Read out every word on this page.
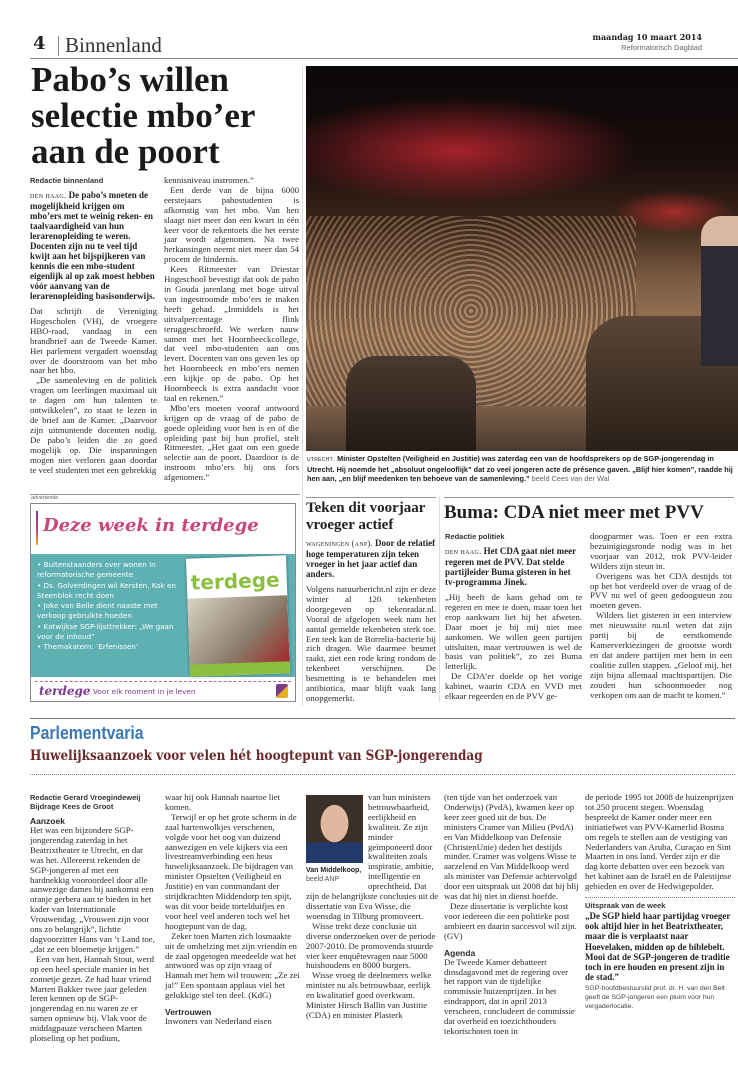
4 Binnenland	maandag 10 maart 2014
Reformatorisch Dagblad
Pabo’s willen selectie mbo’er aan de poort
Redactie binnenland
den haag. De pabo’s moeten de mogelijkheid krijgen om mbo’ers met te weinig reken- en taalvaardigheid van hun lerarenopleiding te weren. Docenten zijn nu te veel tijd kwijt aan het bijspijkeren van kennis die een mbo-student eigenlijk al op zak moest hebben vóór aanvang van de lerarenopleiding basisonderwijs.

Dat schrijft de Vereniging Hogescholen (VH), de vroegere HBO-raad, vandaag in een brandbrief aan de Tweede Kamer. Het parlement vergadert woensdag over de doorstroom van het mbo naar het hbo.

„De samenleving en de politiek vragen om leerlingen maximaal uit te dagen om hun talenten te ontwikkelen”, zo staat te lezen in de brief aan de Kamer. „Daarvoor zijn uitmuntende docenten nodig. De pabo’s leiden die zo goed mogelijk op. Die inspanningen mogen niet verloren gaan doordat te veel studenten met een gebrekkig

kennisniveau instromen.”

Een derde van de bijna 6000 eerstejaars pabostudenten is afkomstig van het mbo. Van hen slaagt niet meer dan een kwart in één keer voor de rekentoets die het eerste jaar wordt afgenomen. Na twee herkansingen neemt niet meer dan 54 procent de hindernis.

Kees Ritmeester van Driestar Hogeschool bevestigt dat ook de pabo in Gouda jarenlang met hoge uitval van ingestroomde mbo’ers te maken heeft gehad. „Inmiddels is het uitvalpercentage flink teruggeschroefd. We werken nauw samen met het Hoornbeeckcollege, dat veel mbo-studenten aan ons levert. Docenten van ons geven les op het Hoornbeeck en mbo’ers nemen een kijkje op de pabo. Op het Hoornbeeck is extra aandacht voor taal en rekenen.”

Mbo’ers moeten vooraf antwoord krijgen op de vraag of de pabo de goede opleiding voor hen is en of die opleiding past bij hun profiel, stelt Ritmeester. „Het gaat om een goede selectie aan de poort. Daardoor is de instroom mbo’ers bij ons fors afgenomen.”

utrecht. Minister Opstelten (Veiligheid en Justitie) was zaterdag een van de hoofdsprekers op de SGP-jongerendag in Utrecht. Hij noemde het „absoluut ongelooflijk” dat zo veel jongeren acte de présence gaven. „Blijf hier komen”, raadde hij hen aan, „en blijf meedenken ten behoeve van de samenleving.” beeld Cees van der Wal
advertentie
Deze week in terdege
• Buitenstaanders over wonen in reformatorische gemeente
• Ds. Golverdingen wil Kersten, Kok en Steenblok recht doen
• Joke van Belle dient naaste met verkoop gebruikte hoeden
• Katwijkse SGP-lijsttrekker: „We gaan voor de inhoud”
• Themakatern: ‘Erfenissen’
terdege
terdege Voor elk moment in je leven
Teken dit voorjaar vroeger actief
wageningen (anp). Door de relatief hoge temperaturen zijn teken vroeger in het jaar actief dan anders.

Volgens natuurbericht.nl zijn er deze winter al 120 tekenbeten doorgegeven op tekenradar.nl. Vooral de afgelopen week nam het aantal gemelde tekenbeten sterk toe. Een teek kan de Borrelia-bacterie bij zich dragen. Wie daarmee besmet raakt, ziet een rode kring rondom de tekenbeet verschijnen. De besmetting is te behandelen met antibiotica, maar blijft vaak lang onopgemerkt.

Buma: CDA niet meer met PVV
Redactie politiek
den haag. Het CDA gaat niet meer regeren met de PVV. Dat stelde partijleider Buma gisteren in het tv-programma Jinek.

„Hij heeft de kans gehad om te regeren en mee te doen, maar toen het erop aankwam liet hij het afweten. Daar moet je bij mij niet mee aankomen. We willen geen partijen uitsluiten, maar vertrouwen is wel de basis van politiek”, zo zei Buma letterlijk.

De CDA’er doelde op het vorige kabinet, waarin CDA en VVD met elkaar regeerden en de PVV ge-

doogpartner was. Toen er een extra bezuinigingsronde nodig was in het voorjaar van 2012, trok PVV-leider Wilders zijn steun in.

Overigens was het CDA destijds tot op het bot verdeeld over de vraag of de PVV nu wel of geen gedoogsteun zou moeten geven.

Wilders liet gisteren in een interview met nieuwssite nu.nl weten dat zijn partij bij de eerstkomende Kamerverkiezingen de grootste wordt en dat andere partijen met hem in een coalitie zullen stappen. „Geloof mij, het zijn bijna allemaal machtspartijen. Die zouden hun schoonmoeder nog verkopen om aan de macht te komen.”

Parlementvaria
Huwelijksaanzoek voor velen hét hoogtepunt van SGP-jongerendag
Redactie Gerard Vroegindeweij
Bijdrage Kees de Groot
Aanzoek

Het was een bijzondere SGP-jongerendag zaterdag in het Beatrixtheater te Utrecht, en dat was het. Allereerst rekenden de SGP-jongeren af met een hardnekkig vooroordeel door alle aanwezige dames bij aankomst een oranje gerbera aan te bieden in het kader van Internationale Vrouwendag. „Vrouwen zijn voor ons zo belangrijk”, lichtte dagvoorzitter Hans van ’t Land toe, „dat ze een bloemetje krijgen.”

Een van hen, Hannah Stout, werd op een heel speciale manier in het zonnetje gezet. Ze had haar vriend Marten Bakker twee jaar geleden leren kennen op de SGP-jongerendag en nu waren ze er samen opnieuw bij. Vlak voor de middagpauze verscheen Marten plotseling op het podium,

waar hij ook Hannah naartoe liet komen.

Terwijl er op het grote scherm in de zaal hartenwolkjes verschenen, volgde voor het oog van duizend aanwezigen en vele kijkers via een livestreamverbinding een heus huwelijksaanzoek. De bijdragen van minister Opstelten (Veiligheid en Justitie) en van commandant der strijdkrachten Middendorp ten spijt, was dit voor beide tortelduifjes en voor heel veel anderen toch wel het hoogtepunt van de dag.

Zeker toen Marten zich losmaakte uit de omhelzing met zijn vriendin en de zaal opgetogen meedeelde wat het antwoord was op zijn vraag of Hannah met hem wil trouwen: „Ze zei ja!” Een spontaan applaus viel het gelukkige stel ten deel. (KdG)

Vertrouwen

Inwoners van Nederland eisen

Van Middelkoop,
beeld ANP

van hun ministers betrouwbaarheid, eerlijkheid en kwaliteit. Ze zijn minder geïmponeerd door kwaliteiten zoals inspiratie, ambitie, intelligentie en oprechtheid. Dat zijn de belangrijkste conclusies uit de dissertatie van Eva Wisse, die woensdag in Tilburg promoveert.

Wisse trekt deze conclusie uit diverse onderzoeken over de periode 2007-2010. De promovenda stuurde vier keer enquêtevragen naar 5000 huishoudens en 8000 burgers.

Wisse vroeg de deelnemers welke minister nu als betrouwbaar, eerlijk en kwalitatief goed overkwam. Minister Hirsch Ballin van Justitie (CDA) en minister Plasterk

(ten tijde van het onderzoek van Onderwijs) (PvdA), kwamen keer op keer zeer goed uit de bus. De ministers Cramer van Milieu (PvdA) en Van Middelkoop van Defensie (ChristenUnie) deden het destijds minder. Cramer was volgens Wisse te aarzelend en Van Middelkoop werd als minister van Defensie achtervolgd door een uitspraak uit 2008 dat hij blij was dat hij niet in dienst hoefde.

Deze dissertatie is verplichte kost voor iedereen die een politieke post ambieert en daarin succesvol wil zijn. (GV)

Agenda

De Tweede Kamer debatteert dinsdagavond met de regering over het rapport van de tijdelijke commissie huizenprijzen. In het eindrapport, dat in april 2013 verscheen, concludeert de commissie dat overheid en toezichthouders tekortschoten toen in

de periode 1995 tot 2008 de huizenprijzen tot 250 procent stegen. Woensdag bespreekt de Kamer onder meer een initiatiefwet van PVV-Kamerlid Bosma om regels te stellen aan de vestiging van Nederlanders van Aruba, Curaçao en Sint Maarten in ons land. Verder zijn er die dag korte debatten over een bezoek van het kabinet aan de Israël en de Palestijnse gebieden en over de Hedwigepolder.

Uitspraak van de week
„De SGP hield haar partijdag vroeger ook altijd hier in het Beatrixtheater, maar die is verplaatst naar Hoevelaken, midden op de biblebelt. Mooi dat de SGP-jongeren de traditie toch in ere houden en present zijn in de stad.”
SGP-hoofdbestuurslid prof. dr. H. van den Belt geeft de SGP-jongeren een pluim voor hun vergaderlocatie.
